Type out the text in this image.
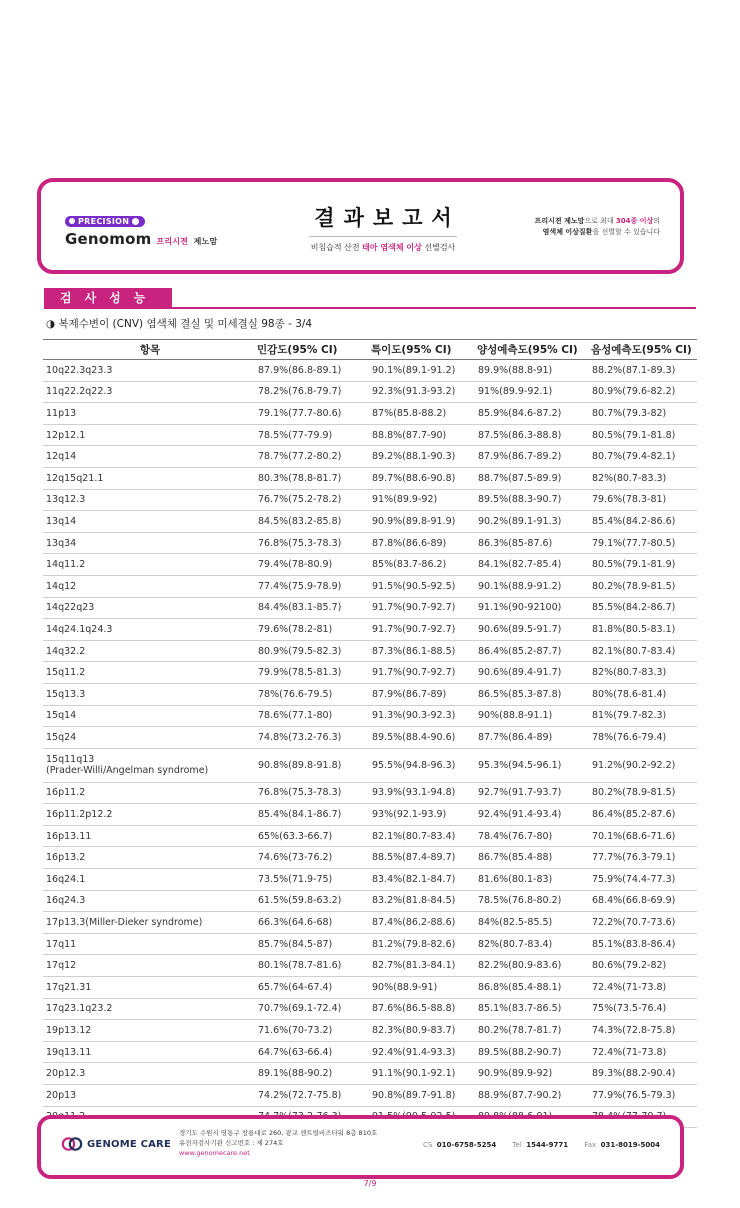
PRECISION
Genomom 프리시젼 제노맘
결과보고서
비침습적 산전 태아 염색체 이상 선별검사
프리시젼 제노맘으로 최대 304종 이상의
염색체 이상질환을 선별할 수 있습니다
검사성능
◑ 복제수변이 (CNV) 염색체 결실 및 미세결실 98종 - 3/4
항목	민감도(95% CI)	특이도(95% CI)	양성예측도(95% CI)	음성예측도(95% CI)
10q22.3q23.3	87.9%(86.8-89.1)	90.1%(89.1-91.2)	89.9%(88.8-91)	88.2%(87.1-89.3)
11q22.2q22.3	78.2%(76.8-79.7)	92.3%(91.3-93.2)	91%(89.9-92.1)	80.9%(79.6-82.2)
11p13	79.1%(77.7-80.6)	87%(85.8-88.2)	85.9%(84.6-87.2)	80.7%(79.3-82)
12p12.1	78.5%(77-79.9)	88.8%(87.7-90)	87.5%(86.3-88.8)	80.5%(79.1-81.8)
12q14	78.7%(77.2-80.2)	89.2%(88.1-90.3)	87.9%(86.7-89.2)	80.7%(79.4-82.1)
12q15q21.1	80.3%(78.8-81.7)	89.7%(88.6-90.8)	88.7%(87.5-89.9)	82%(80.7-83.3)
13q12.3	76.7%(75.2-78.2)	91%(89.9-92)	89.5%(88.3-90.7)	79.6%(78.3-81)
13q14	84.5%(83.2-85.8)	90.9%(89.8-91.9)	90.2%(89.1-91.3)	85.4%(84.2-86.6)
13q34	76.8%(75.3-78.3)	87.8%(86.6-89)	86.3%(85-87.6)	79.1%(77.7-80.5)
14q11.2	79.4%(78-80.9)	85%(83.7-86.2)	84.1%(82.7-85.4)	80.5%(79.1-81.9)
14q12	77.4%(75.9-78.9)	91.5%(90.5-92.5)	90.1%(88.9-91.2)	80.2%(78.9-81.5)
14q22q23	84.4%(83.1-85.7)	91.7%(90.7-92.7)	91.1%(90-92100)	85.5%(84.2-86.7)
14q24.1q24.3	79.6%(78.2-81)	91.7%(90.7-92.7)	90.6%(89.5-91.7)	81.8%(80.5-83.1)
14q32.2	80.9%(79.5-82.3)	87.3%(86.1-88.5)	86.4%(85.2-87.7)	82.1%(80.7-83.4)
15q11.2	79.9%(78.5-81.3)	91.7%(90.7-92.7)	90.6%(89.4-91.7)	82%(80.7-83.3)
15q13.3	78%(76.6-79.5)	87.9%(86.7-89)	86.5%(85.3-87.8)	80%(78.6-81.4)
15q14	78.6%(77.1-80)	91.3%(90.3-92.3)	90%(88.8-91.1)	81%(79.7-82.3)
15q24	74.8%(73.2-76.3)	89.5%(88.4-90.6)	87.7%(86.4-89)	78%(76.6-79.4)

15q11q13
(Prader-Willi/Angelman syndrome)	90.8%(89.8-91.8)	95.5%(94.8-96.3)	95.3%(94.5-96.1)	91.2%(90.2-92.2)
16p11.2	76.8%(75.3-78.3)	93.9%(93.1-94.8)	92.7%(91.7-93.7)	80.2%(78.9-81.5)
16p11.2p12.2	85.4%(84.1-86.7)	93%(92.1-93.9)	92.4%(91.4-93.4)	86.4%(85.2-87.6)
16p13.11	65%(63.3-66.7)	82.1%(80.7-83.4)	78.4%(76.7-80)	70.1%(68.6-71.6)
16p13.2	74.6%(73-76.2)	88.5%(87.4-89.7)	86.7%(85.4-88)	77.7%(76.3-79.1)
16q24.1	73.5%(71.9-75)	83.4%(82.1-84.7)	81.6%(80.1-83)	75.9%(74.4-77.3)
16q24.3	61.5%(59.8-63.2)	83.2%(81.8-84.5)	78.5%(76.8-80.2)	68.4%(66.8-69.9)
17p13.3(Miller-Dieker syndrome)	66.3%(64.6-68)	87.4%(86.2-88.6)	84%(82.5-85.5)	72.2%(70.7-73.6)
17q11	85.7%(84.5-87)	81.2%(79.8-82.6)	82%(80.7-83.4)	85.1%(83.8-86.4)
17q12	80.1%(78.7-81.6)	82.7%(81.3-84.1)	82.2%(80.9-83.6)	80.6%(79.2-82)
17q21.31	65.7%(64-67.4)	90%(88.9-91)	86.8%(85.4-88.1)	72.4%(71-73.8)
17q23.1q23.2	70.7%(69.1-72.4)	87.6%(86.5-88.8)	85.1%(83.7-86.5)	75%(73.5-76.4)
19p13.12	71.6%(70-73.2)	82.3%(80.9-83.7)	80.2%(78.7-81.7)	74.3%(72.8-75.8)
19q13.11	64.7%(63-66.4)	92.4%(91.4-93.3)	89.5%(88.2-90.7)	72.4%(71-73.8)
20p12.3	89.1%(88-90.2)	91.1%(90.1-92.1)	90.9%(89.9-92)	89.3%(88.2-90.4)
20p13	74.2%(72.7-75.8)	90.8%(89.7-91.8)	88.9%(87.7-90.2)	77.9%(76.5-79.3)

GENOME CARE
경기도 수원시 영통구 창룡대로 260, 광교 센트럴비즈타워 8층 810호
유전자검사기관 신고번호 : 제 274호
www.genomecare.net
CS 010-6758-5254 Tel 1544-9771 Fax 031-8019-5004
7/9
